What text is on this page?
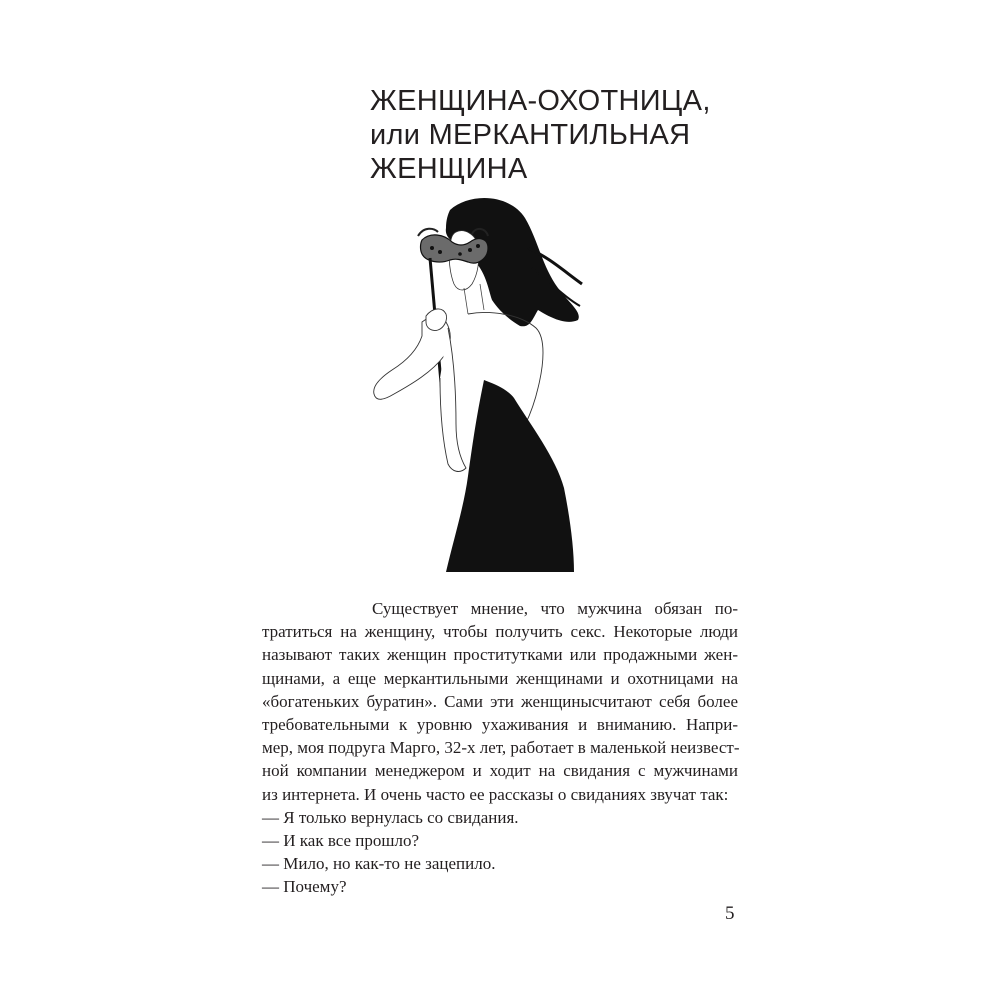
ЖЕНЩИНА-ОХОТНИЦА,
или МЕРКАНТИЛЬНАЯ
ЖЕНЩИНА

Существует мнение, что мужчина обязан по-
тратиться на женщину, чтобы получить секс. Некоторые люди
называют таких женщин проститутками или продажными жен-
щинами, а еще меркантильными женщинами и охотницами на
«богатеньких буратин». Сами эти женщинысчитают себя более
требовательными к уровню ухаживания и вниманию. Напри-
мер, моя подруга Марго, 32-х лет, работает в маленькой неизвест-
ной компании менеджером и ходит на свидания с мужчинами
из интернета. И очень часто ее рассказы о свиданиях звучат так:

— Я только вернулась со свидания.
— И как все прошло?
— Мило, но как-то не зацепило.
— Почему?
5
